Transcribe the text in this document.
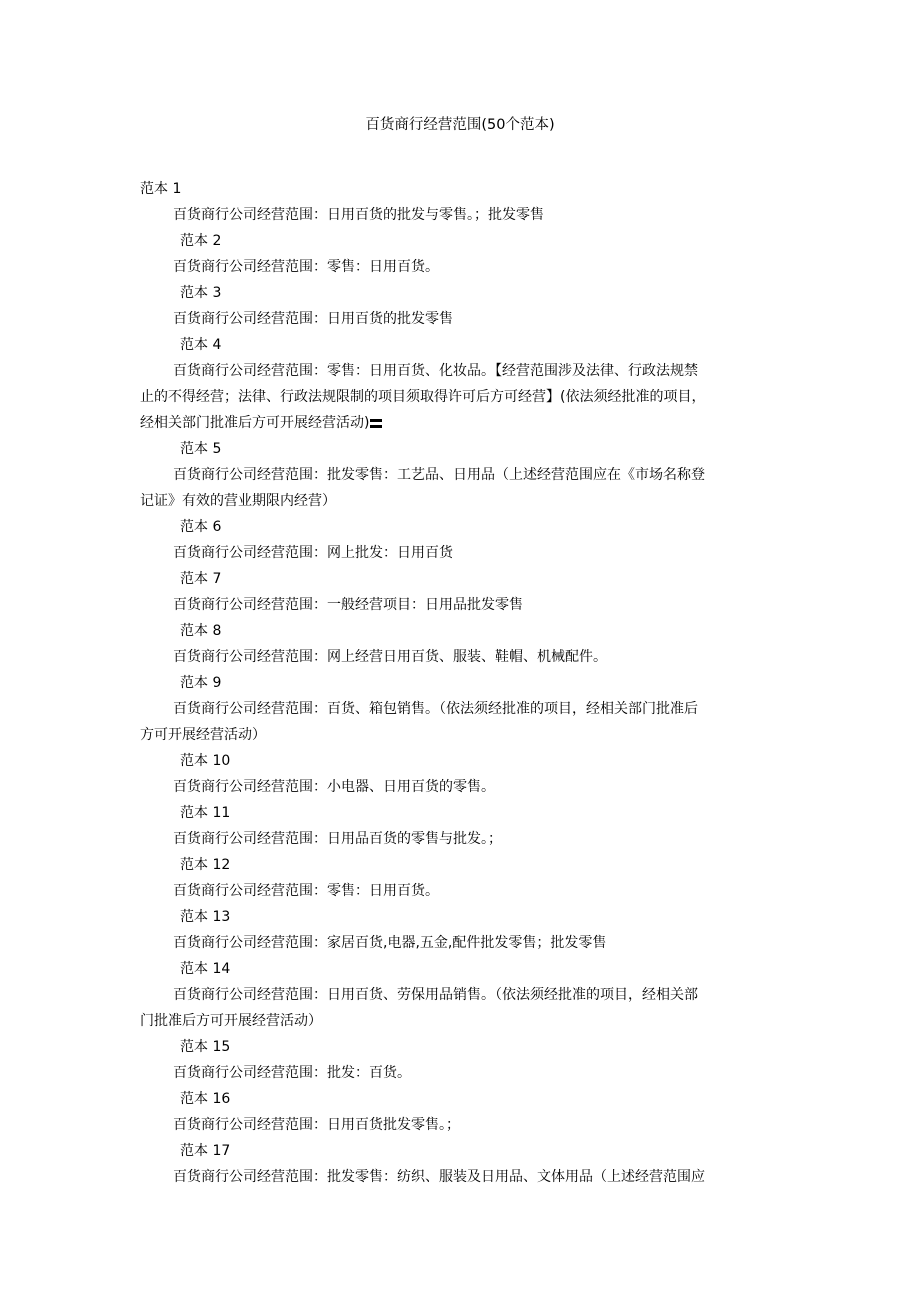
百货商行经营范围(50个范本)
范本 1
百货商行公司经营范围：日用百货的批发与零售。；批发零售
范本 2
百货商行公司经营范围：零售：日用百货。
范本 3
百货商行公司经营范围：日用百货的批发零售
范本 4
百货商行公司经营范围：零售：日用百货、化妆品。【经营范围涉及法律、行政法规禁
止的不得经营；法律、行政法规限制的项目须取得许可后方可经营】(依法须经批准的项目，
经相关部门批准后方可开展经营活动)
范本 5
百货商行公司经营范围：批发零售：工艺品、日用品（上述经营范围应在《市场名称登
记证》有效的营业期限内经营）
范本 6
百货商行公司经营范围：网上批发：日用百货
范本 7
百货商行公司经营范围：一般经营项目：日用品批发零售
范本 8
百货商行公司经营范围：网上经营日用百货、服装、鞋帽、机械配件。
范本 9
百货商行公司经营范围：百货、箱包销售。（依法须经批准的项目，经相关部门批准后
方可开展经营活动）
范本 10
百货商行公司经营范围：小电器、日用百货的零售。
范本 11
百货商行公司经营范围：日用品百货的零售与批发。；
范本 12
百货商行公司经营范围：零售：日用百货。
范本 13
百货商行公司经营范围：家居百货,电器,五金,配件批发零售；批发零售
范本 14
百货商行公司经营范围：日用百货、劳保用品销售。（依法须经批准的项目，经相关部
门批准后方可开展经营活动）
范本 15
百货商行公司经营范围：批发：百货。
范本 16
百货商行公司经营范围：日用百货批发零售。；
范本 17
百货商行公司经营范围：批发零售：纺织、服装及日用品、文体用品（上述经营范围应
